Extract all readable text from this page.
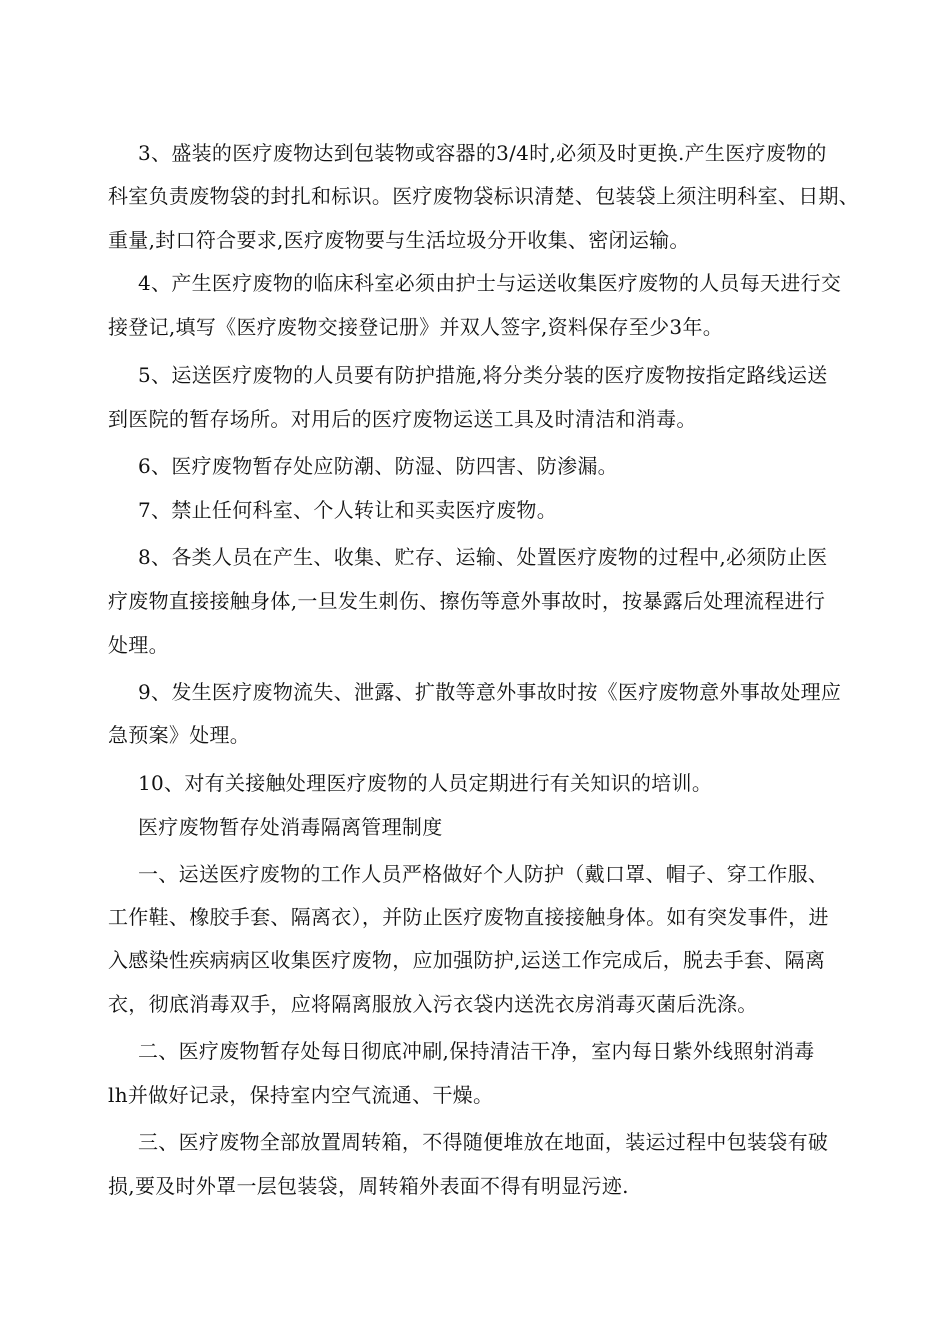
3、盛装的医疗废物达到包装物或容器的3/4时,必须及时更换.产生医疗废物的
科室负责废物袋的封扎和标识。医疗废物袋标识清楚、包装袋上须注明科室、日期、
重量,封口符合要求,医疗废物要与生活垃圾分开收集、密闭运输。
4、产生医疗废物的临床科室必须由护士与运送收集医疗废物的人员每天进行交
接登记,填写《医疗废物交接登记册》并双人签字,资料保存至少3年。
5、运送医疗废物的人员要有防护措施,将分类分装的医疗废物按指定路线运送
到医院的暂存场所。对用后的医疗废物运送工具及时清洁和消毒。
6、医疗废物暂存处应防潮、防湿、防四害、防渗漏。
7、禁止任何科室、个人转让和买卖医疗废物。
8、各类人员在产生、收集、贮存、运输、处置医疗废物的过程中,必须防止医
疗废物直接接触身体,一旦发生刺伤、擦伤等意外事故时，按暴露后处理流程进行
处理。
9、发生医疗废物流失、泄露、扩散等意外事故时按《医疗废物意外事故处理应
急预案》处理。
10、对有关接触处理医疗废物的人员定期进行有关知识的培训。
医疗废物暂存处消毒隔离管理制度
一、运送医疗废物的工作人员严格做好个人防护（戴口罩、帽子、穿工作服、
工作鞋、橡胶手套、隔离衣），并防止医疗废物直接接触身体。如有突发事件，进
入感染性疾病病区收集医疗废物，应加强防护,运送工作完成后，脱去手套、隔离
衣，彻底消毒双手，应将隔离服放入污衣袋内送洗衣房消毒灭菌后洗涤。
二、医疗废物暂存处每日彻底冲刷,保持清洁干净，室内每日紫外线照射消毒
lh并做好记录，保持室内空气流通、干燥。
三、医疗废物全部放置周转箱，不得随便堆放在地面，装运过程中包装袋有破
损,要及时外罩一层包装袋，周转箱外表面不得有明显污迹.
